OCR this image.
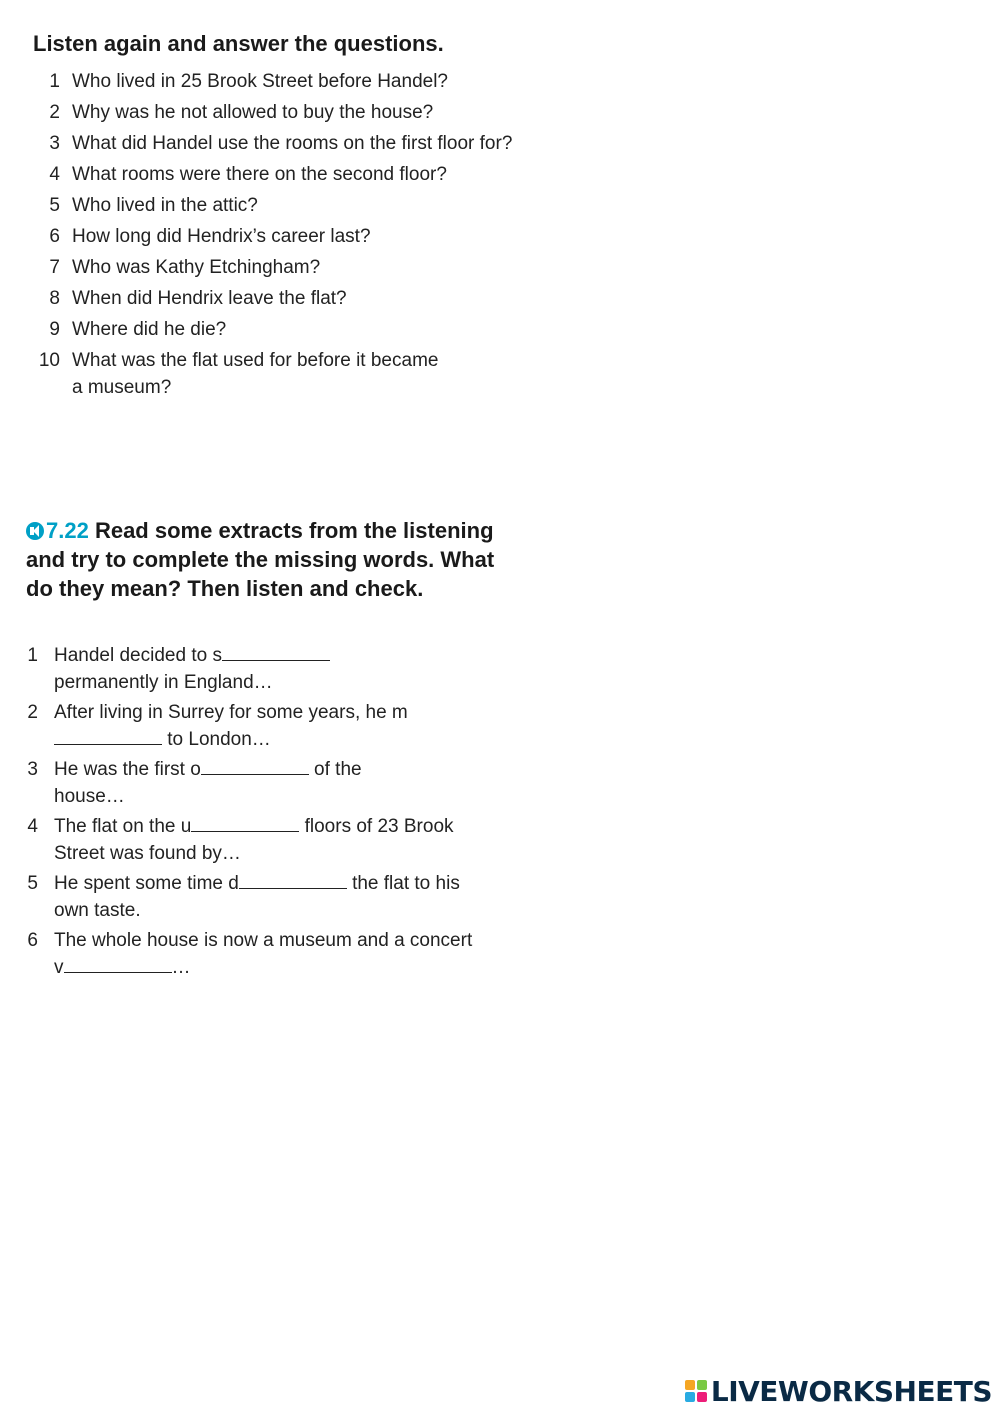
Listen again and answer the questions.
1 Who lived in 25 Brook Street before Handel?
2 Why was he not allowed to buy the house?
3 What did Handel use the rooms on the first floor for?
4 What rooms were there on the second floor?
5 Who lived in the attic?
6 How long did Hendrix’s career last?
7 Who was Kathy Etchingham?
8 When did Hendrix leave the flat?
9 Where did he die?
10 What was the flat used for before it became a museum?
7.22 Read some extracts from the listening and try to complete the missing words. What do they mean? Then listen and check.
1 Handel decided to s permanently in England…
2 After living in Surrey for some years, he m to London…
3 He was the first o	of the house…
4 The flat on the u	floors of 23 Brook Street was found by…
5 He spent some time d	the flat to his own taste.
6 The whole house is now a museum and a concert v	…
LIVEWORKSHEETS
